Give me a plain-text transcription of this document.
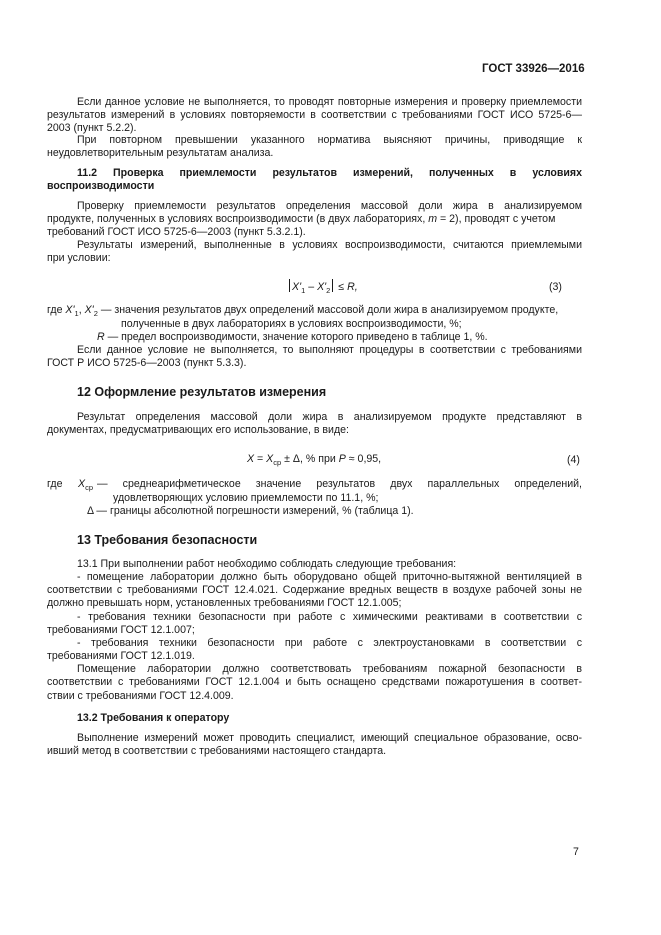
ГОСТ 33926—2016
Если данное условие не выполняется, то проводят повторные измерения и проверку приемлемости
результатов измерений в условиях повторяемости в соответствии с требованиями ГОСТ ИСО 5725-6—
2003 (пункт 5.2.2).
При повторном превышении указанного норматива выясняют причины, приводящие к
неудовлетворительным результатам анализа.
11.2 Проверка приемлемости результатов измерений, полученных в условиях
воспроизводимости
Проверку приемлемости результатов определения массовой доли жира в анализируемом
продукте, полученных в условиях воспроизводимости (в двух лабораториях, m = 2), проводят с учетом
требований ГОСТ ИСО 5725-6—2003 (пункт 5.3.2.1).
Результаты измерений, выполненные в условиях воспроизводимости, считаются приемлемыми
при условии:
$X'_1 - X'_2 \le R$,	(3)
где $X'_1$, $X'_2$ — значения результатов двух определений массовой доли жира в анализируемом продукте,
полученные в двух лабораториях в условиях воспроизводимости, %;
R — предел воспроизводимости, значение которого приведено в таблице 1, %.
Если данное условие не выполняется, то выполняют процедуры в соответствии с требованиями
ГОСТ Р ИСО 5725-6—2003 (пункт 5.3.3).
12 Оформление результатов измерения
Результат определения массовой доли жира в анализируемом продукте представляют в
документах, предусматривающих его использование, в виде:
$X = X_{ср} \pm \Delta$, % при P ≈ 0,95,	(4)
где $X_{ср}$ — среднеарифметическое значение результатов двух параллельных определений,
удовлетворяющих условию приемлемости по 11.1, %;
Δ — границы абсолютной погрешности измерений, % (таблица 1).
13 Требования безопасности
13.1 При выполнении работ необходимо соблюдать следующие требования:
- помещение лаборатории должно быть оборудовано общей приточно-вытяжной вентиляцией в
соответствии с требованиями ГОСТ 12.4.021. Содержание вредных веществ в воздухе рабочей зоны не
должно превышать норм, установленных требованиями ГОСТ 12.1.005;
- требования техники безопасности при работе с химическими реактивами в соответствии с
требованиями ГОСТ 12.1.007;
- требования техники безопасности при работе с электроустановками в соответствии с
требованиями ГОСТ 12.1.019.
Помещение лаборатории должно соответствовать требованиям пожарной безопасности в
соответствии с требованиями ГОСТ 12.1.004 и быть оснащено средствами пожаротушения в соответ-
ствии с требованиями ГОСТ 12.4.009.
13.2 Требования к оператору
Выполнение измерений может проводить специалист, имеющий специальное образование, осво-
ивший метод в соответствии с требованиями настоящего стандарта.
7
